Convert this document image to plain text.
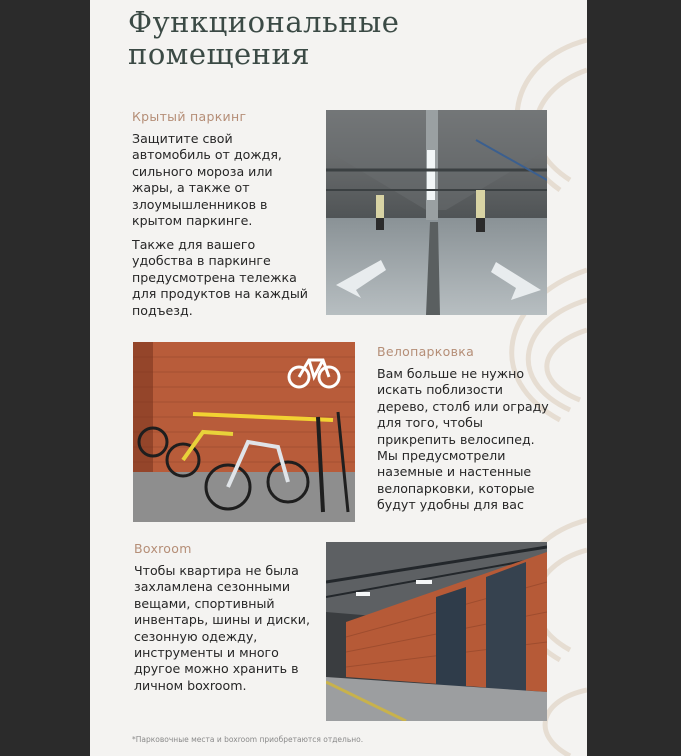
Функциональные
помещения
Крытый паркинг
Защитите свой автомобиль от дождя, сильного мороза или жары, а также от злоумышленников в крытом паркинге.
Также для вашего удобства в паркинге предусмотрена тележка для продуктов на каждый подъезд.
Велопарковка
Вам больше не нужно искать поблизости дерево, столб или ограду для того, чтобы прикрепить велосипед. Мы предусмотрели наземные и настенные велопарковки, которые будут удобны для вас
Boxroom
Чтобы квартира не была захламлена сезонными вещами, спортивный инвентарь, шины и диски, сезонную одежду, инструменты и много другое можно хранить в личном boxroom.
*Парковочные места и boxroom приобретаются отдельно.
